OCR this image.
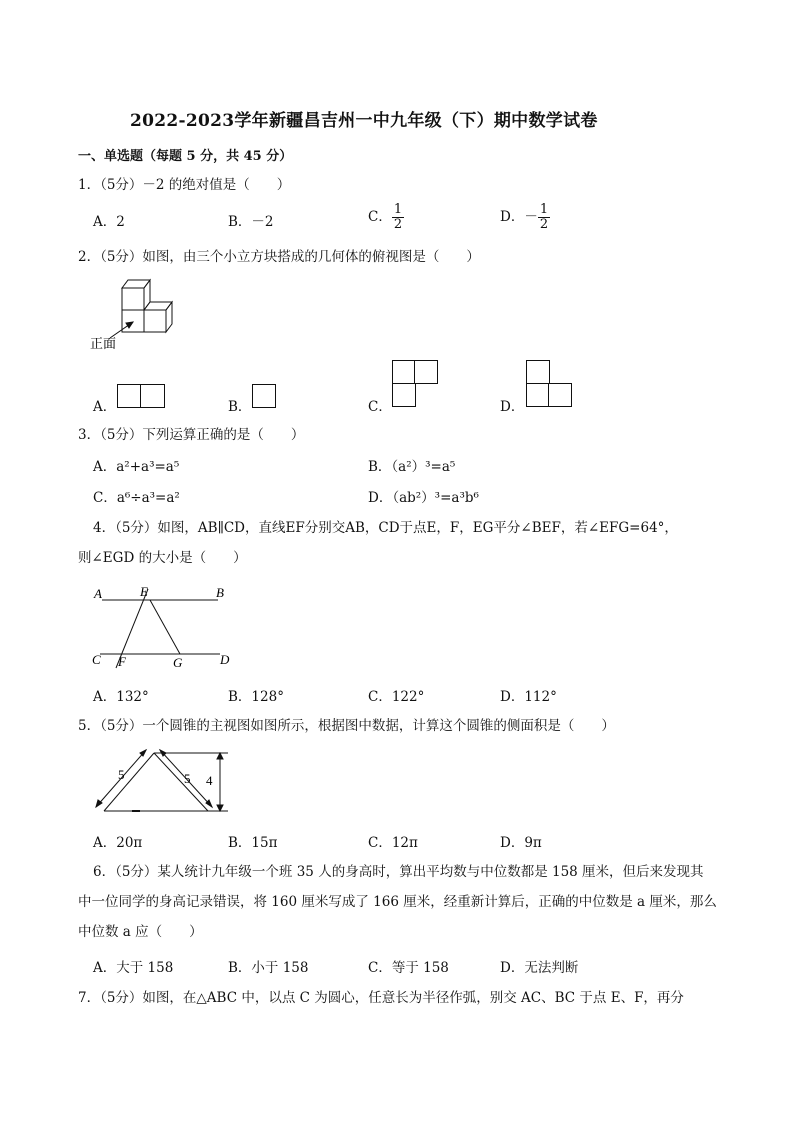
2022-2023学年新疆昌吉州一中九年级（下）期中数学试卷
一、单选题（每题 5 分，共 45 分）
1．（5分）－2 的绝对值是（　　）
A．2	B．－2	C． $\frac{1}{2}$	D．－ $\frac{1}{2}$
2．（5分）如图，由三个小立方块搭成的几何体的俯视图是（　　）
正面
A．	B．	C．	D．
3．（5分）下列运算正确的是（　　）
A．a²+a³=a⁵	B．（a²）³=a⁵
C．a⁶÷a³=a²	D．（ab²）³=a³b⁶
4．（5分）如图，AB∥CD，直线EF分别交AB，CD于点E，F，EG平分∠BEF，若∠EFG=64°，
则∠EGD 的大小是（　　）
A	E	B
C F	G	D
A．132°	B．128°	C．122°	D．112°
5．（5分）一个圆锥的主视图如图所示，根据图中数据，计算这个圆锥的侧面积是（　　）
5	5 4
A．20π	B．15π	C．12π	D．9π
6．（5分）某人统计九年级一个班 35 人的身高时，算出平均数与中位数都是 158 厘米，但后来发现其
中一位同学的身高记录错误，将 160 厘米写成了 166 厘米，经重新计算后，正确的中位数是 a 厘米，那么
中位数 a 应（　　）
A．大于 158	B．小于 158	C．等于 158	D．无法判断
7．（5分）如图，在△ABC 中，以点 C 为圆心，任意长为半径作弧，别交 AC、BC 于点 E、F，再分
